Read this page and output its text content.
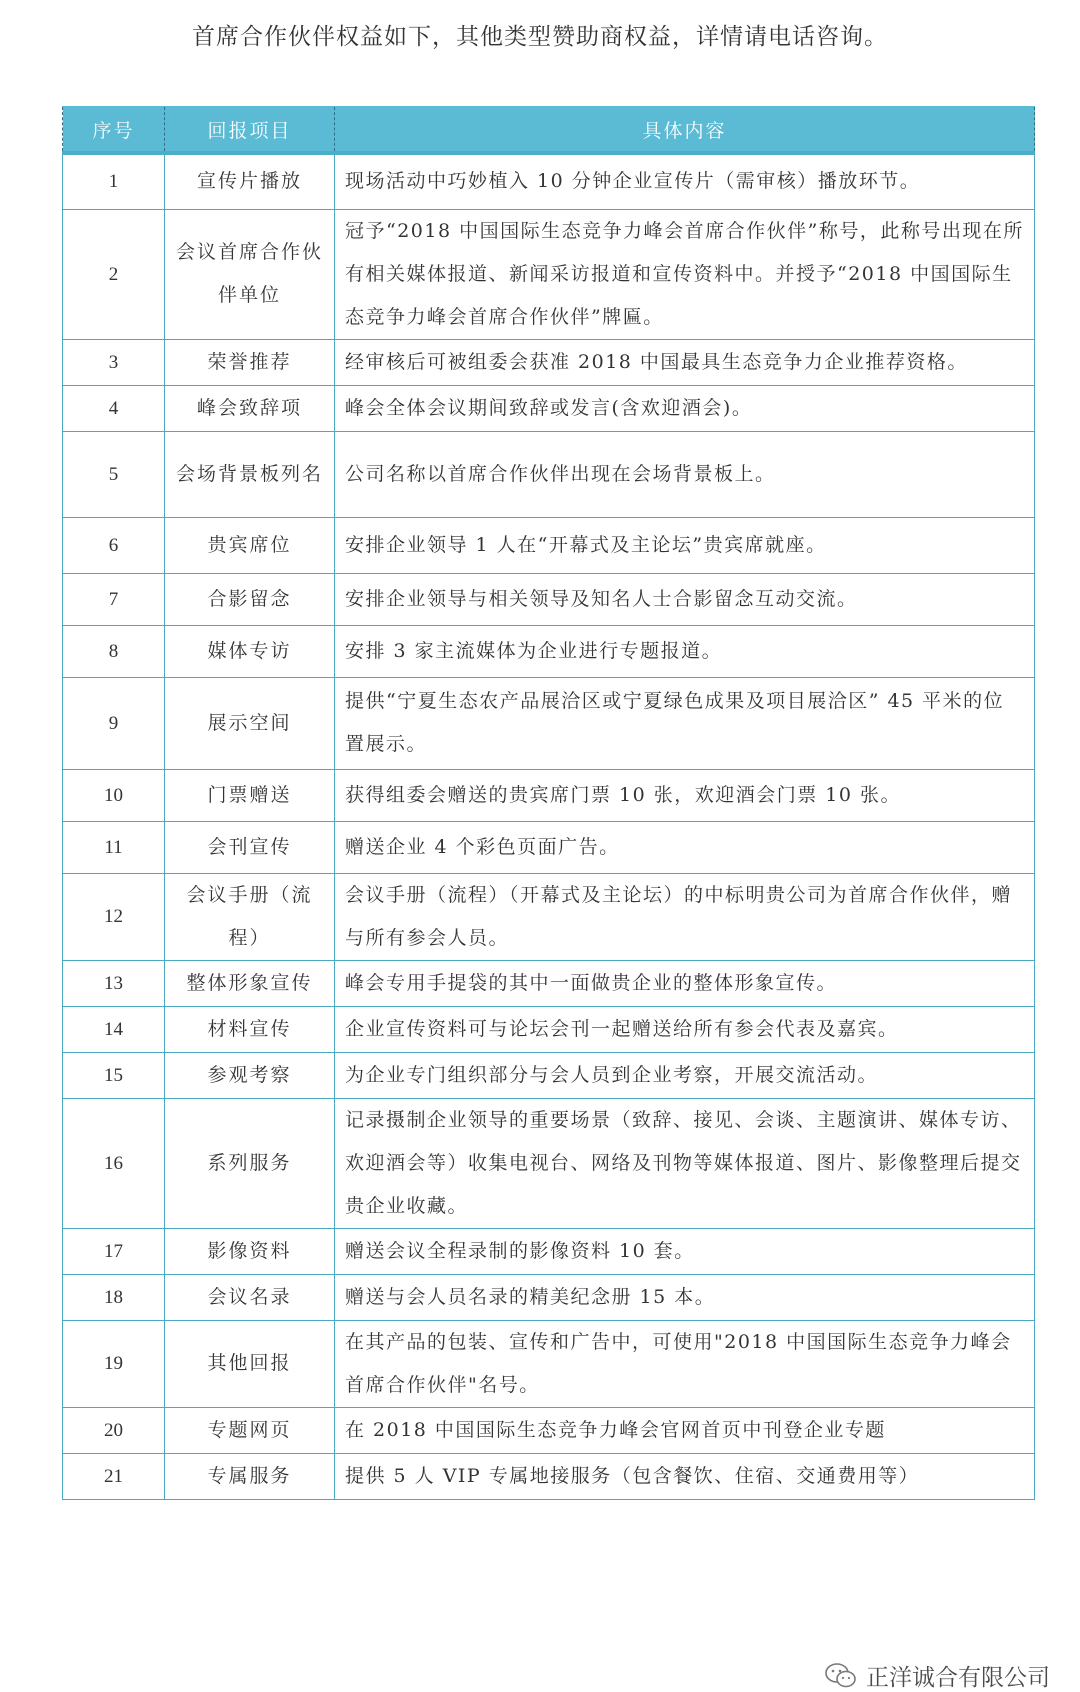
首席合作伙伴权益如下，其他类型赞助商权益，详情请电话咨询。
序号	回报项目	具体内容
1	宣传片播放	现场活动中巧妙植入 10 分钟企业宣传片（需审核）播放环节。
2	会议首席合作伙伴单位	冠予“2018 中国国际生态竞争力峰会首席合作伙伴”称号，此称号出现在所有相关媒体报道、新闻采访报道和宣传资料中。并授予“2018 中国国际生态竞争力峰会首席合作伙伴”牌匾。
3	荣誉推荐	经审核后可被组委会获准 2018 中国最具生态竞争力企业推荐资格。
4	峰会致辞项	峰会全体会议期间致辞或发言(含欢迎酒会)。
5	会场背景板列名	公司名称以首席合作伙伴出现在会场背景板上。
6	贵宾席位	安排企业领导 1 人在“开幕式及主论坛”贵宾席就座。
7	合影留念	安排企业领导与相关领导及知名人士合影留念互动交流。
8	媒体专访	安排 3 家主流媒体为企业进行专题报道。
9	展示空间	提供“宁夏生态农产品展洽区或宁夏绿色成果及项目展洽区” 45 平米的位置展示。
10	门票赠送	获得组委会赠送的贵宾席门票 10 张，欢迎酒会门票 10 张。
11	会刊宣传	赠送企业 4 个彩色页面广告。
12	会议手册（流程）	会议手册（流程）（开幕式及主论坛）的中标明贵公司为首席合作伙伴，赠与所有参会人员。
13	整体形象宣传	峰会专用手提袋的其中一面做贵企业的整体形象宣传。
14	材料宣传	企业宣传资料可与论坛会刊一起赠送给所有参会代表及嘉宾。
15	参观考察	为企业专门组织部分与会人员到企业考察，开展交流活动。
16	系列服务	记录摄制企业领导的重要场景（致辞、接见、会谈、主题演讲、媒体专访、欢迎酒会等）收集电视台、网络及刊物等媒体报道、图片、影像整理后提交贵企业收藏。
17	影像资料	赠送会议全程录制的影像资料 10 套。
18	会议名录	赠送与会人员名录的精美纪念册 15 本。
19	其他回报	在其产品的包装、宣传和广告中，可使用"2018 中国国际生态竞争力峰会首席合作伙伴"名号。
20	专题网页	在 2018 中国国际生态竞争力峰会官网首页中刊登企业专题
21	专属服务	提供 5 人 VIP 专属地接服务（包含餐饮、住宿、交通费用等）
正洋诚合有限公司
